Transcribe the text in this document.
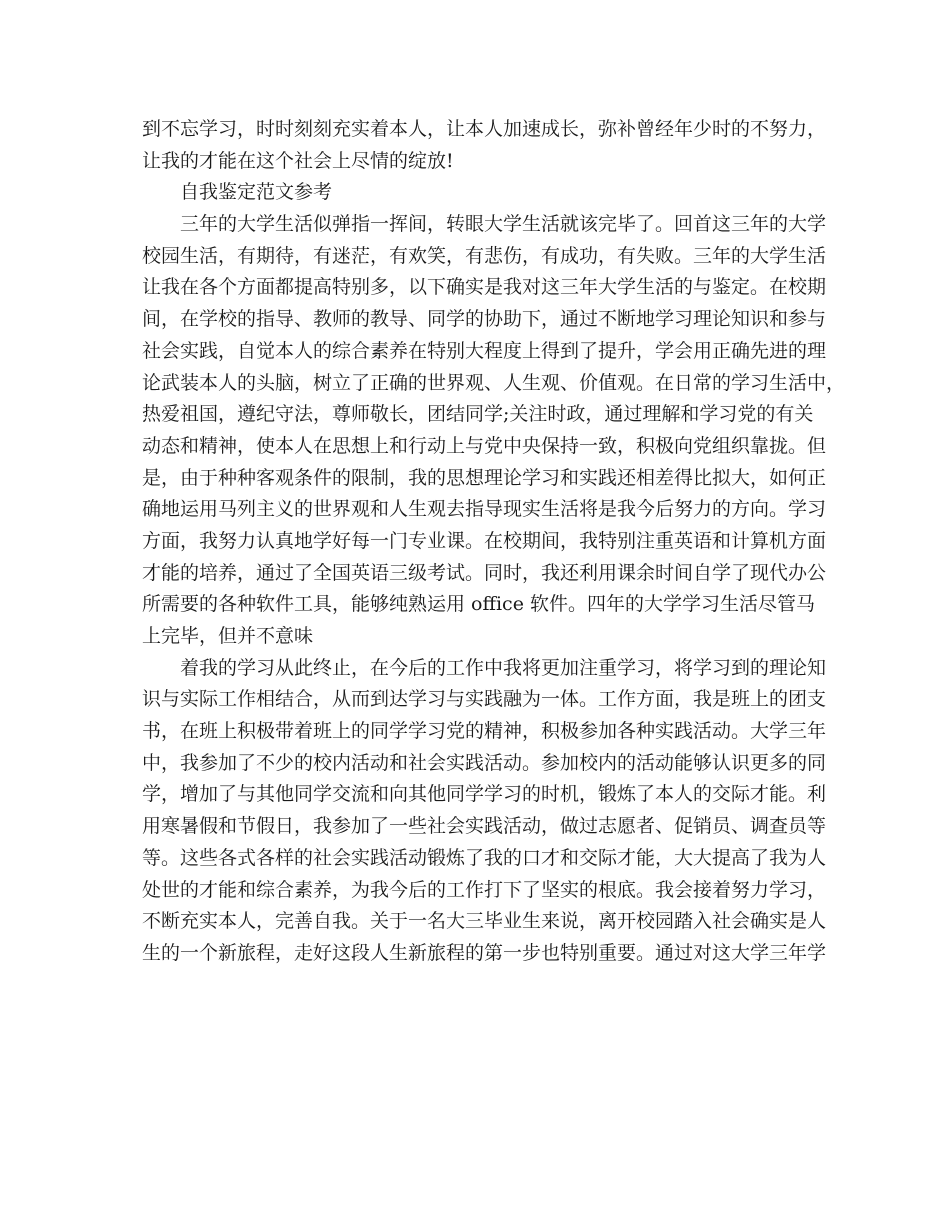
到不忘学习，时时刻刻充实着本人，让本人加速成长，弥补曾经年少时的不努力，
让我的才能在这个社会上尽情的绽放!
自我鉴定范文参考
三年的大学生活似弹指一挥间，转眼大学生活就该完毕了。回首这三年的大学
校园生活，有期待，有迷茫，有欢笑，有悲伤，有成功，有失败。三年的大学生活
让我在各个方面都提高特别多，以下确实是我对这三年大学生活的与鉴定。在校期
间，在学校的指导、教师的教导、同学的协助下，通过不断地学习理论知识和参与
社会实践，自觉本人的综合素养在特别大程度上得到了提升，学会用正确先进的理
论武装本人的头脑，树立了正确的世界观、人生观、价值观。在日常的学习生活中，
热爱祖国，遵纪守法，尊师敬长，团结同学;关注时政，通过理解和学习党的有关
动态和精神，使本人在思想上和行动上与党中央保持一致，积极向党组织靠拢。但
是，由于种种客观条件的限制，我的思想理论学习和实践还相差得比拟大，如何正
确地运用马列主义的世界观和人生观去指导现实生活将是我今后努力的方向。学习
方面，我努力认真地学好每一门专业课。在校期间，我特别注重英语和计算机方面
才能的培养，通过了全国英语三级考试。同时，我还利用课余时间自学了现代办公
所需要的各种软件工具，能够纯熟运用 office 软件。四年的大学学习生活尽管马
上完毕，但并不意味
着我的学习从此终止，在今后的工作中我将更加注重学习，将学习到的理论知
识与实际工作相结合，从而到达学习与实践融为一体。工作方面，我是班上的团支
书，在班上积极带着班上的同学学习党的精神，积极参加各种实践活动。大学三年
中，我参加了不少的校内活动和社会实践活动。参加校内的活动能够认识更多的同
学，增加了与其他同学交流和向其他同学学习的时机，锻炼了本人的交际才能。利
用寒暑假和节假日，我参加了一些社会实践活动，做过志愿者、促销员、调查员等
等。这些各式各样的社会实践活动锻炼了我的口才和交际才能，大大提高了我为人
处世的才能和综合素养，为我今后的工作打下了坚实的根底。我会接着努力学习，
不断充实本人，完善自我。关于一名大三毕业生来说，离开校园踏入社会确实是人
生的一个新旅程，走好这段人生新旅程的第一步也特别重要。通过对这大学三年学
